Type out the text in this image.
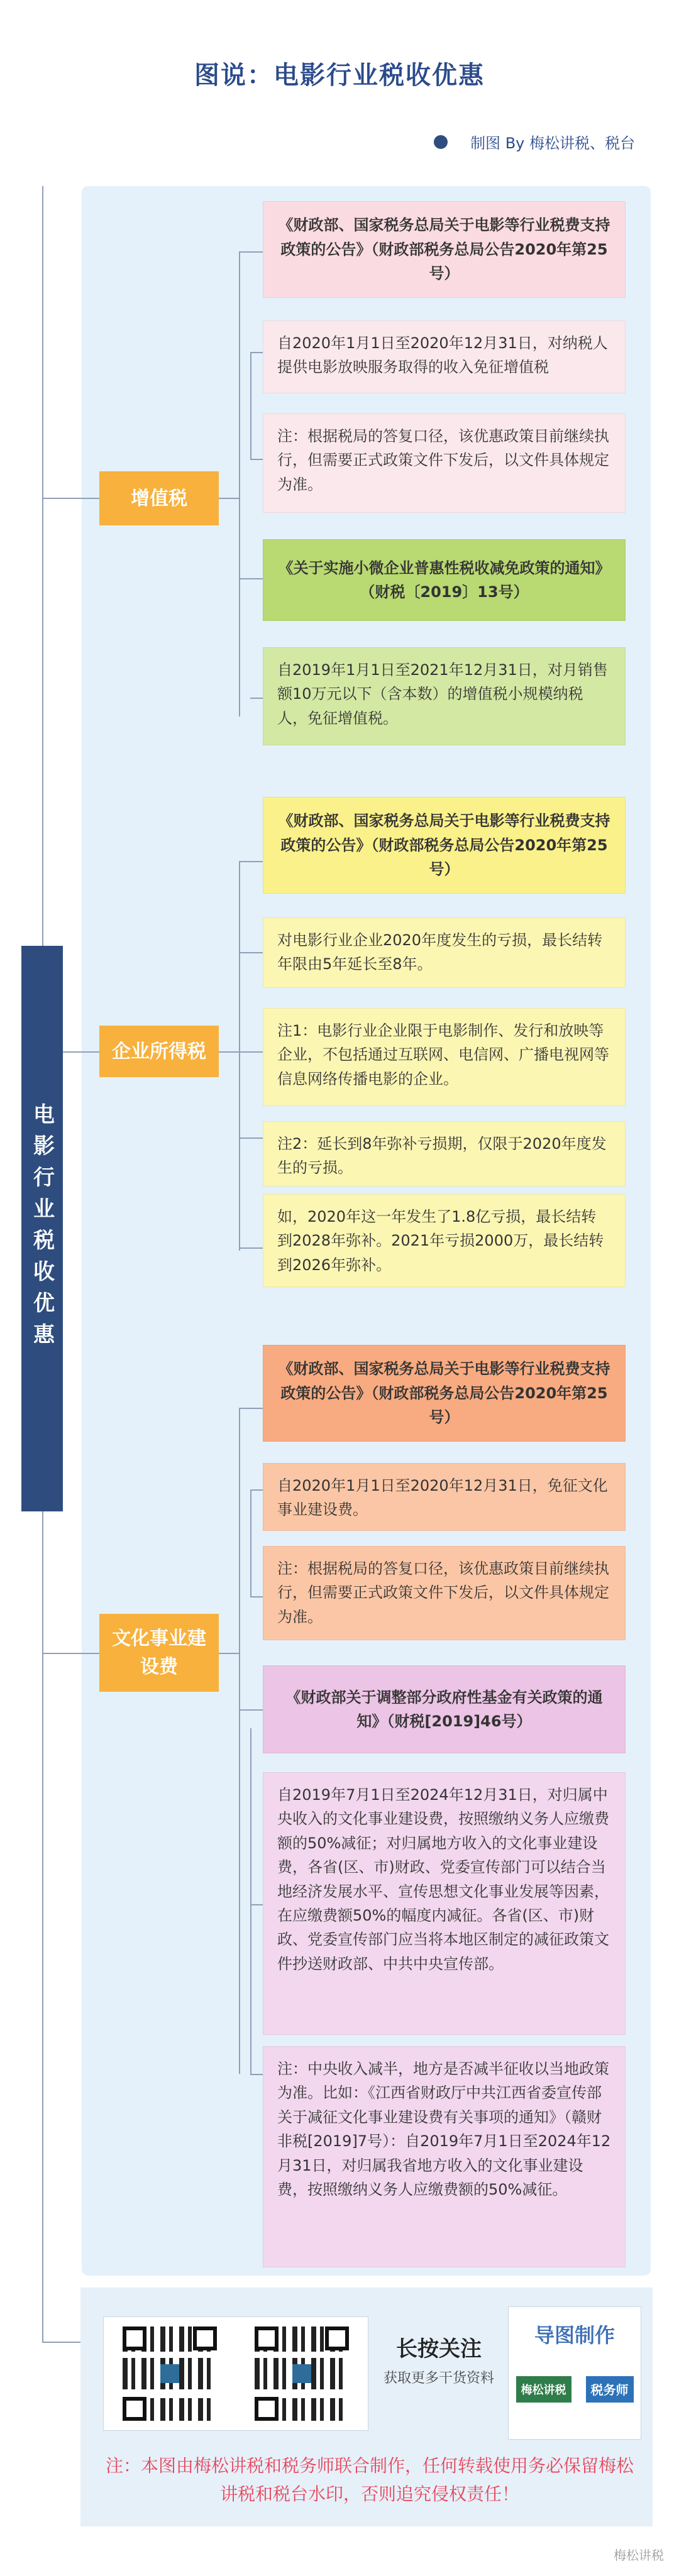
图说：电影行业税收优惠
制图 By 梅松讲税、税台
电影行业税收优惠
增值税
企业所得税
文化事业建设费
《财政部、国家税务总局关于电影等行业税费支持政策的公告》（财政部税务总局公告2020年第25号）
自2020年1月1日至2020年12月31日，对纳税人提供电影放映服务取得的收入免征增值税
注：根据税局的答复口径，该优惠政策目前继续执行，但需要正式政策文件下发后，以文件具体规定为准。
《关于实施小微企业普惠性税收减免政策的通知》（财税〔2019〕13号）
自2019年1月1日至2021年12月31日，对月销售额10万元以下（含本数）的增值税小规模纳税人，免征增值税。
《财政部、国家税务总局关于电影等行业税费支持政策的公告》（财政部税务总局公告2020年第25号）
对电影行业企业2020年度发生的亏损，最长结转年限由5年延长至8年。
注1：电影行业企业限于电影制作、发行和放映等企业，不包括通过互联网、电信网、广播电视网等信息网络传播电影的企业。
注2：延长到8年弥补亏损期，仅限于2020年度发生的亏损。
如，2020年这一年发生了1.8亿亏损，最长结转到2028年弥补。2021年亏损2000万，最长结转到2026年弥补。
《财政部、国家税务总局关于电影等行业税费支持政策的公告》（财政部税务总局公告2020年第25号）
自2020年1月1日至2020年12月31日，免征文化事业建设费。
注：根据税局的答复口径，该优惠政策目前继续执行，但需要正式政策文件下发后，以文件具体规定为准。
《财政部关于调整部分政府性基金有关政策的通知》（财税[2019]46号）
自2019年7月1日至2024年12月31日，对归属中央收入的文化事业建设费，按照缴纳义务人应缴费额的50%减征；对归属地方收入的文化事业建设费，各省(区、市)财政、党委宣传部门可以结合当地经济发展水平、宣传思想文化事业发展等因素，在应缴费额50%的幅度内减征。各省(区、市)财政、党委宣传部门应当将本地区制定的减征政策文件抄送财政部、中共中央宣传部。
注：中央收入减半，地方是否减半征收以当地政策为准。比如：《江西省财政厅中共江西省委宣传部关于减征文化事业建设费有关事项的通知》（赣财非税[2019]7号）：自2019年7月1日至2024年12月31日，对归属我省地方收入的文化事业建设费，按照缴纳义务人应缴费额的50%减征。
长按关注
获取更多干货资料
导图制作
梅松讲税	税务师
注：本图由梅松讲税和税务师联合制作，任何转载使用务必保留梅松讲税和税台水印，否则追究侵权责任！
梅松讲税
